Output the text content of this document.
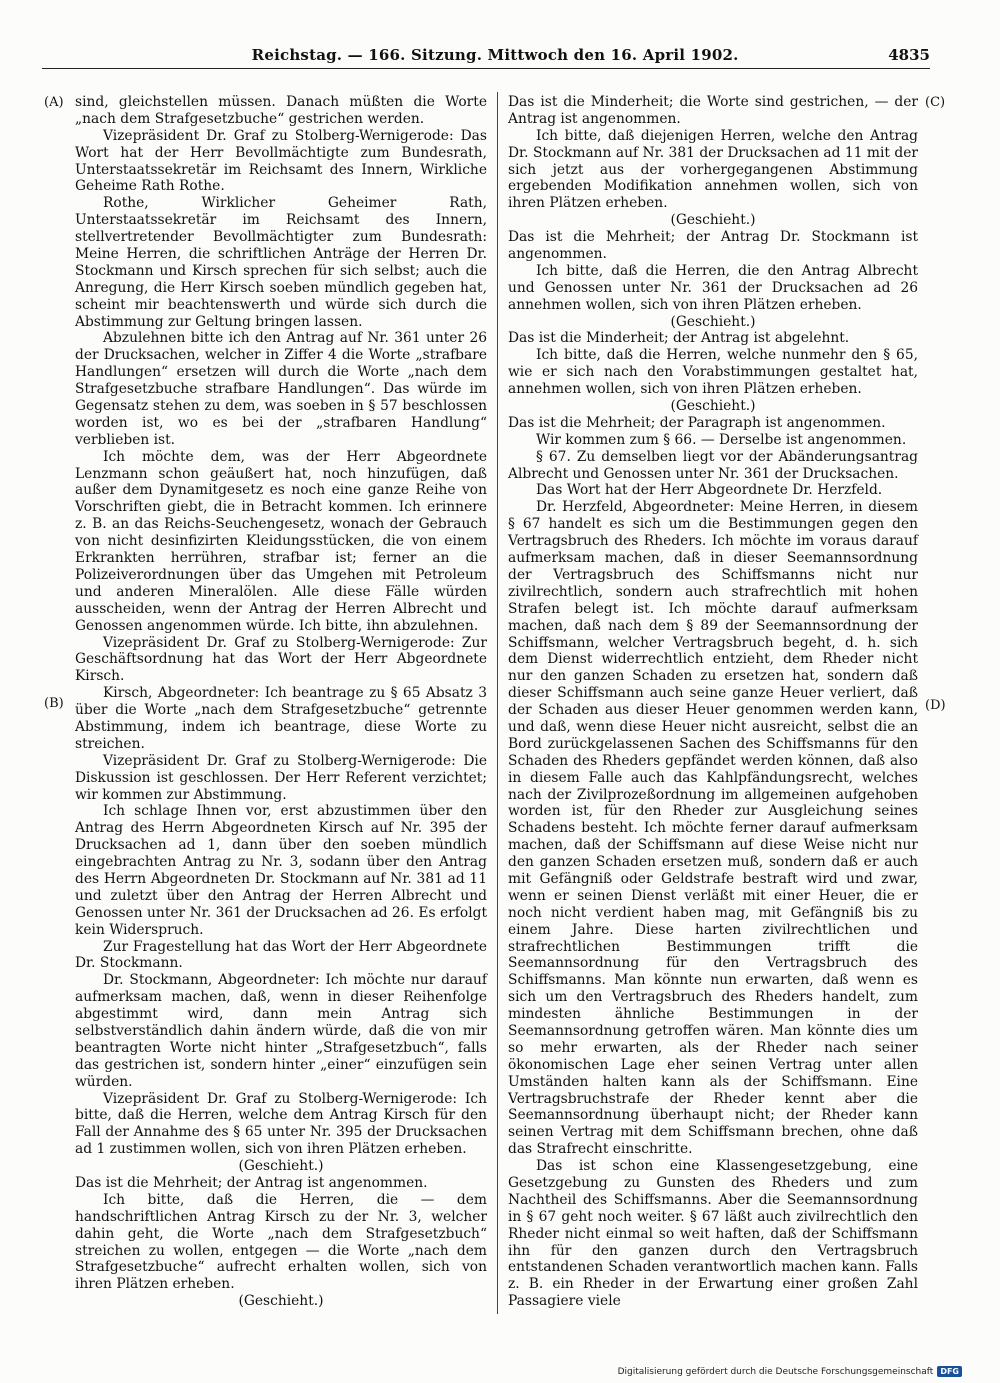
Reichstag. — 166. Sitzung. Mittwoch den 16. April 1902.	4835
(A)
(B)
(C)
(D)

sind, gleichstellen müssen. Danach müßten die Worte „nach dem Strafgesetzbuche“ gestrichen werden.

Vizepräsident Dr. Graf zu Stolberg-Wernigerode: Das Wort hat der Herr Bevollmächtigte zum Bundesrath, Unterstaatssekretär im Reichsamt des Innern, Wirkliche Geheime Rath Rothe.

Rothe, Wirklicher Geheimer Rath, Unterstaatssekretär im Reichsamt des Innern, stellvertretender Bevollmächtigter zum Bundesrath: Meine Herren, die schriftlichen Anträge der Herren Dr. Stockmann und Kirsch sprechen für sich selbst; auch die Anregung, die Herr Kirsch soeben mündlich gegeben hat, scheint mir beachtenswerth und würde sich durch die Abstimmung zur Geltung bringen lassen.

Abzulehnen bitte ich den Antrag auf Nr. 361 unter 26 der Drucksachen, welcher in Ziffer 4 die Worte „strafbare Handlungen“ ersetzen will durch die Worte „nach dem Strafgesetzbuche strafbare Handlungen“. Das würde im Gegensatz stehen zu dem, was soeben in § 57 beschlossen worden ist, wo es bei der „strafbaren Handlung“ verblieben ist.

Ich möchte dem, was der Herr Abgeordnete Lenzmann schon geäußert hat, noch hinzufügen, daß außer dem Dynamitgesetz es noch eine ganze Reihe von Vorschriften giebt, die in Betracht kommen. Ich erinnere z. B. an das Reichs-Seuchengesetz, wonach der Gebrauch von nicht desinfizirten Kleidungsstücken, die von einem Erkrankten herrühren, strafbar ist; ferner an die Polizeiverordnungen über das Umgehen mit Petroleum und anderen Mineralölen. Alle diese Fälle würden ausscheiden, wenn der Antrag der Herren Albrecht und Genossen angenommen würde. Ich bitte, ihn abzulehnen.

Vizepräsident Dr. Graf zu Stolberg-Wernigerode: Zur Geschäftsordnung hat das Wort der Herr Abgeordnete Kirsch.

Kirsch, Abgeordneter: Ich beantrage zu § 65 Absatz 3 über die Worte „nach dem Strafgesetzbuche“ getrennte Abstimmung, indem ich beantrage, diese Worte zu streichen.

Vizepräsident Dr. Graf zu Stolberg-Wernigerode: Die Diskussion ist geschlossen. Der Herr Referent verzichtet; wir kommen zur Abstimmung.

Ich schlage Ihnen vor, erst abzustimmen über den Antrag des Herrn Abgeordneten Kirsch auf Nr. 395 der Drucksachen ad 1, dann über den soeben mündlich eingebrachten Antrag zu Nr. 3, sodann über den Antrag des Herrn Abgeordneten Dr. Stockmann auf Nr. 381 ad 11 und zuletzt über den Antrag der Herren Albrecht und Genossen unter Nr. 361 der Drucksachen ad 26. Es erfolgt kein Widerspruch.

Zur Fragestellung hat das Wort der Herr Abgeordnete Dr. Stockmann.

Dr. Stockmann, Abgeordneter: Ich möchte nur darauf aufmerksam machen, daß, wenn in dieser Reihenfolge abgestimmt wird, dann mein Antrag sich selbstverständlich dahin ändern würde, daß die von mir beantragten Worte nicht hinter „Strafgesetzbuch“, falls das gestrichen ist, sondern hinter „einer“ einzufügen sein würden.

Vizepräsident Dr. Graf zu Stolberg-Wernigerode: Ich bitte, daß die Herren, welche dem Antrag Kirsch für den Fall der Annahme des § 65 unter Nr. 395 der Drucksachen ad 1 zustimmen wollen, sich von ihren Plätzen erheben.

(Geschieht.)

Das ist die Mehrheit; der Antrag ist angenommen.

Ich bitte, daß die Herren, die — dem handschriftlichen Antrag Kirsch zu der Nr. 3, welcher dahin geht, die Worte „nach dem Strafgesetzbuch“ streichen zu wollen, entgegen — die Worte „nach dem Strafgesetzbuche“ aufrecht erhalten wollen, sich von ihren Plätzen erheben.

(Geschieht.)

Das ist die Minderheit; die Worte sind gestrichen, — der Antrag ist angenommen.

Ich bitte, daß diejenigen Herren, welche den Antrag Dr. Stockmann auf Nr. 381 der Drucksachen ad 11 mit der sich jetzt aus der vorhergegangenen Abstimmung ergebenden Modifikation annehmen wollen, sich von ihren Plätzen erheben.

(Geschieht.)

Das ist die Mehrheit; der Antrag Dr. Stockmann ist angenommen.

Ich bitte, daß die Herren, die den Antrag Albrecht und Genossen unter Nr. 361 der Drucksachen ad 26 annehmen wollen, sich von ihren Plätzen erheben.

(Geschieht.)

Das ist die Minderheit; der Antrag ist abgelehnt.

Ich bitte, daß die Herren, welche nunmehr den § 65, wie er sich nach den Vorabstimmungen gestaltet hat, annehmen wollen, sich von ihren Plätzen erheben.

(Geschieht.)

Das ist die Mehrheit; der Paragraph ist angenommen.

Wir kommen zum § 66. — Derselbe ist angenommen.

§ 67. Zu demselben liegt vor der Abänderungsantrag Albrecht und Genossen unter Nr. 361 der Drucksachen.

Das Wort hat der Herr Abgeordnete Dr. Herzfeld.

Dr. Herzfeld, Abgeordneter: Meine Herren, in diesem § 67 handelt es sich um die Bestimmungen gegen den Vertragsbruch des Rheders. Ich möchte im voraus darauf aufmerksam machen, daß in dieser Seemannsordnung der Vertragsbruch des Schiffsmanns nicht nur zivilrechtlich, sondern auch strafrechtlich mit hohen Strafen belegt ist. Ich möchte darauf aufmerksam machen, daß nach dem § 89 der Seemannsordnung der Schiffsmann, welcher Vertragsbruch begeht, d. h. sich dem Dienst widerrechtlich entzieht, dem Rheder nicht nur den ganzen Schaden zu ersetzen hat, sondern daß dieser Schiffsmann auch seine ganze Heuer verliert, daß der Schaden aus dieser Heuer genommen werden kann, und daß, wenn diese Heuer nicht ausreicht, selbst die an Bord zurückgelassenen Sachen des Schiffsmanns für den Schaden des Rheders gepfändet werden können, daß also in diesem Falle auch das Kahlpfändungsrecht, welches nach der Zivilprozeßordnung im allgemeinen aufgehoben worden ist, für den Rheder zur Ausgleichung seines Schadens besteht. Ich möchte ferner darauf aufmerksam machen, daß der Schiffsmann auf diese Weise nicht nur den ganzen Schaden ersetzen muß, sondern daß er auch mit Gefängniß oder Geldstrafe bestraft wird und zwar, wenn er seinen Dienst verläßt mit einer Heuer, die er noch nicht verdient haben mag, mit Gefängniß bis zu einem Jahre. Diese harten zivilrechtlichen und strafrechtlichen Bestimmungen trifft die Seemannsordnung für den Vertragsbruch des Schiffsmanns. Man könnte nun erwarten, daß wenn es sich um den Vertragsbruch des Rheders handelt, zum mindesten ähnliche Bestimmungen in der Seemannsordnung getroffen wären. Man könnte dies um so mehr erwarten, als der Rheder nach seiner ökonomischen Lage eher seinen Vertrag unter allen Umständen halten kann als der Schiffsmann. Eine Vertragsbruchstrafe der Rheder kennt aber die Seemannsordnung überhaupt nicht; der Rheder kann seinen Vertrag mit dem Schiffsmann brechen, ohne daß das Strafrecht einschritte.

Das ist schon eine Klassengesetzgebung, eine Gesetzgebung zu Gunsten des Rheders und zum Nachtheil des Schiffsmanns. Aber die Seemannsordnung in § 67 geht noch weiter. § 67 läßt auch zivilrechtlich den Rheder nicht einmal so weit haften, daß der Schiffsmann ihn für den ganzen durch den Vertragsbruch entstandenen Schaden verantwortlich machen kann. Falls z. B. ein Rheder in der Erwartung einer großen Zahl Passagiere viele

Digitalisierung gefördert durch die Deutsche Forschungsgemeinschaft DFG
